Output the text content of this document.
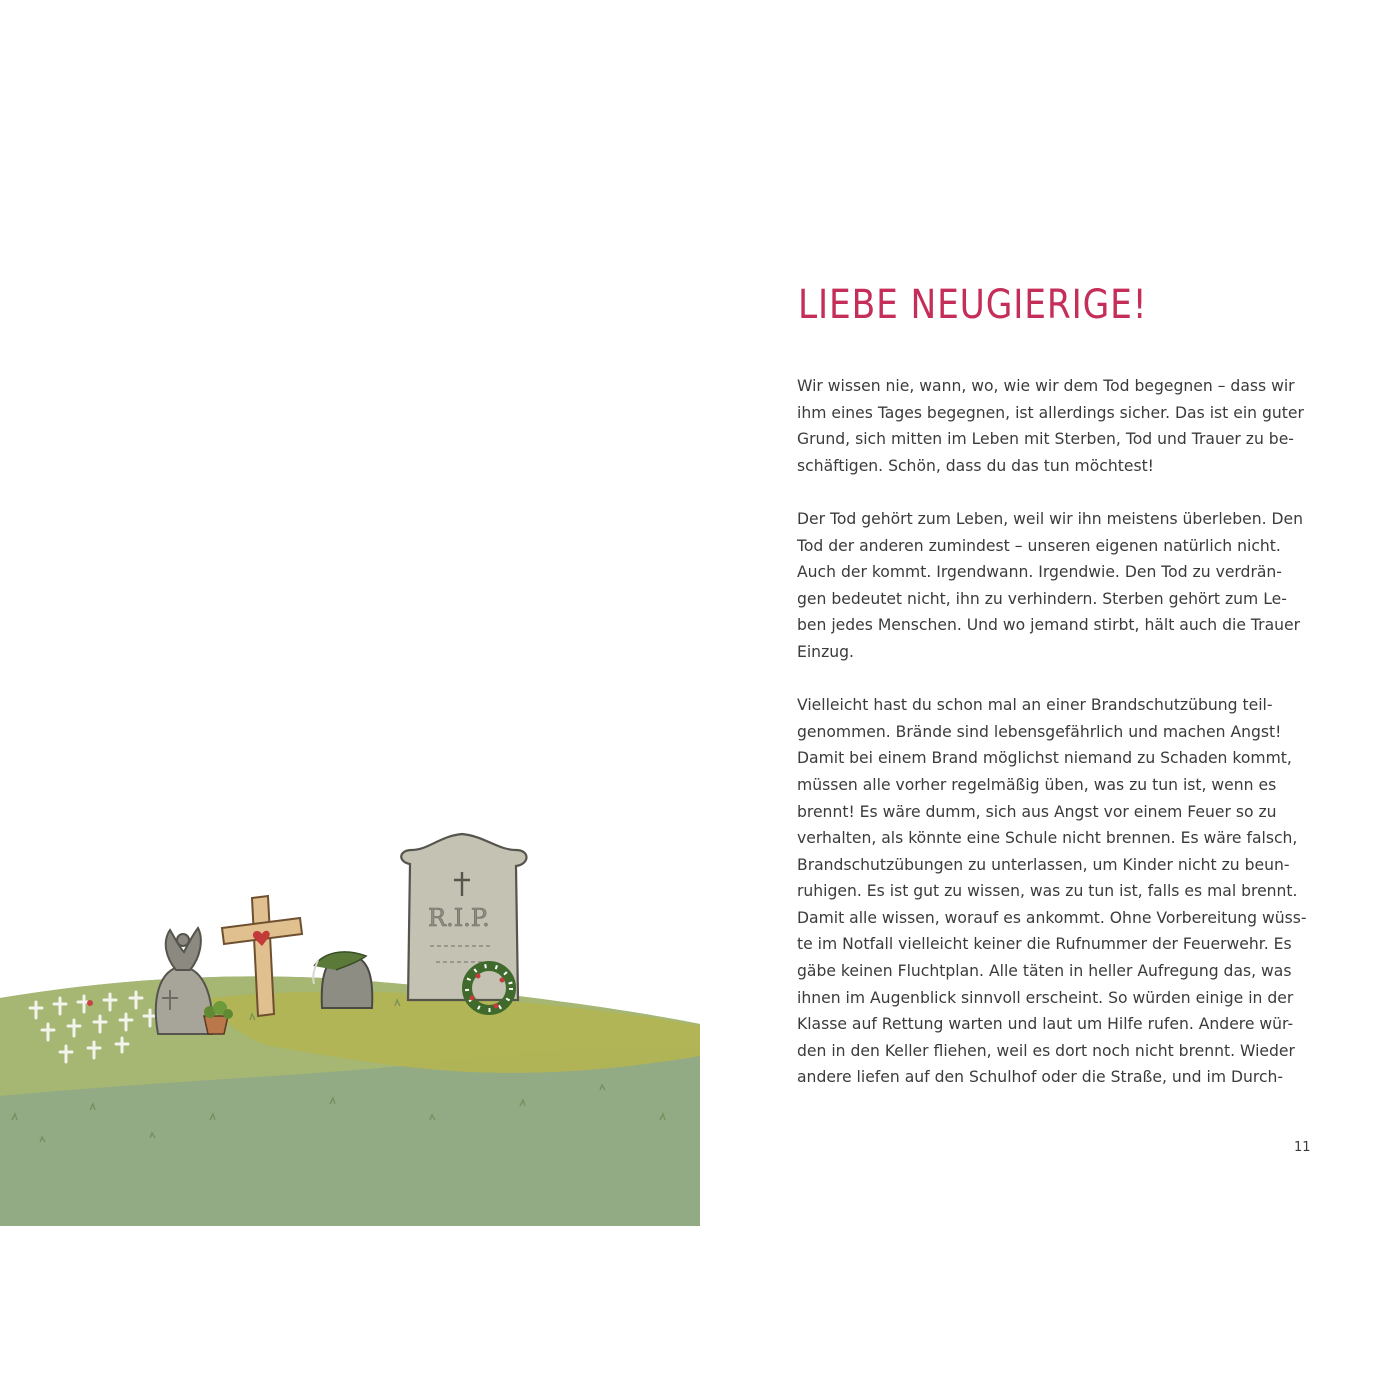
R.I.P.
LIEBE NEUGIERIGE!

Wir wissen nie, wann, wo, wie wir dem Tod begegnen – dass wir
ihm eines Tages begegnen, ist allerdings sicher. Das ist ein guter
Grund, sich mitten im Leben mit Sterben, Tod und Trauer zu be-
schäftigen. Schön, dass du das tun möchtest!

Der Tod gehört zum Leben, weil wir ihn meistens überleben. Den
Tod der anderen zumindest – unseren eigenen natürlich nicht.
Auch der kommt. Irgendwann. Irgendwie. Den Tod zu verdrän-
gen bedeutet nicht, ihn zu verhindern. Sterben gehört zum Le-
ben jedes Menschen. Und wo jemand stirbt, hält auch die Trauer
Einzug.

Vielleicht hast du schon mal an einer Brandschutzübung teil-
genommen. Brände sind lebensgefährlich und machen Angst!
Damit bei einem Brand möglichst niemand zu Schaden kommt,
müssen alle vorher regelmäßig üben, was zu tun ist, wenn es
brennt! Es wäre dumm, sich aus Angst vor einem Feuer so zu
verhalten, als könnte eine Schule nicht brennen. Es wäre falsch,
Brandschutzübungen zu unterlassen, um Kinder nicht zu beun-
ruhigen. Es ist gut zu wissen, was zu tun ist, falls es mal brennt.
Damit alle wissen, worauf es ankommt. Ohne Vorbereitung wüss-
te im Notfall vielleicht keiner die Rufnummer der Feuerwehr. Es
gäbe keinen Fluchtplan. Alle täten in heller Aufregung das, was
ihnen im Augenblick sinnvoll erscheint. So würden einige in der
Klasse auf Rettung warten und laut um Hilfe rufen. Andere wür-
den in den Keller fliehen, weil es dort noch nicht brennt. Wieder
andere liefen auf den Schulhof oder die Straße, und im Durch-

11
